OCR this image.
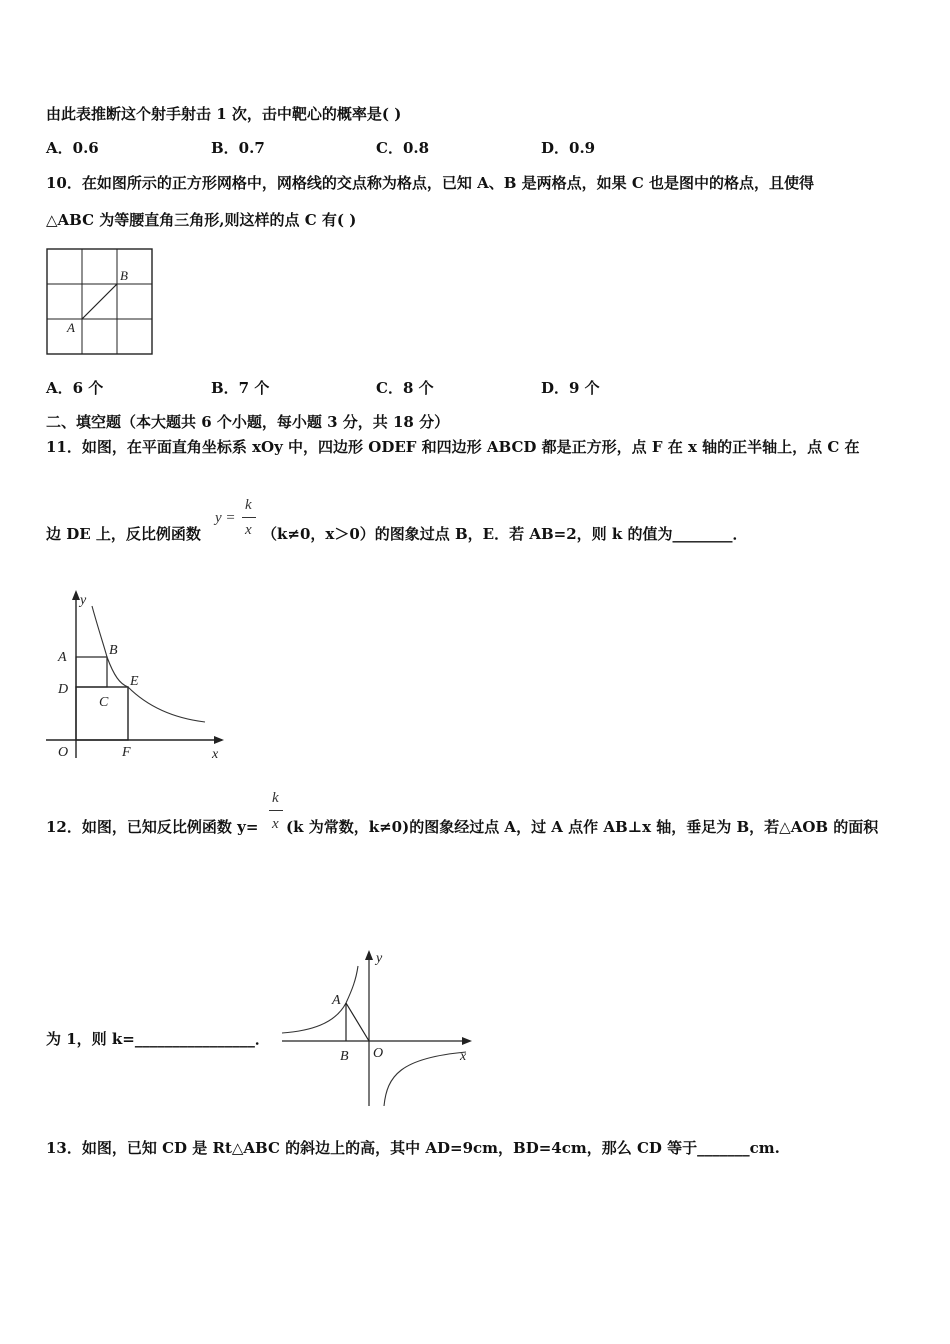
由此表推断这个射手射击 1 次，击中靶心的概率是( )
A．0.6	B．0.7	C．0.8	D．0.9
10．在如图所示的正方形网格中，网格线的交点称为格点，已知 A、B 是两格点，如果 C 也是图中的格点，且使得
△ABC 为等腰直角三角形,则这样的点 C 有( )
A
B
A．6 个	B．7 个	C．8 个	D．9 个
二、填空题（本大题共 6 个小题，每小题 3 分，共 18 分）
11．如图，在平面直角坐标系 xOy 中，四边形 ODEF 和四边形 ABCD 都是正方形，点 F 在 x 轴的正半轴上，点 C 在
边 DE 上，反比例函数
y =
k
x （k≠0，x＞0）的图象过点 B，E．若 AB=2，则 k 的值为________．
y
x
A	B
D
E
C
O	F
12．如图，已知反比例函数 y=
k
x (k 为常数，k≠0)的图象经过点 A，过 A 点作 AB⊥x 轴，垂足为 B，若△AOB 的面积
为 1，则 k=________________．
y
x
A
B O
13．如图，已知 CD 是 Rt△ABC 的斜边上的高，其中 AD=9cm，BD=4cm，那么 CD 等于_______cm.
